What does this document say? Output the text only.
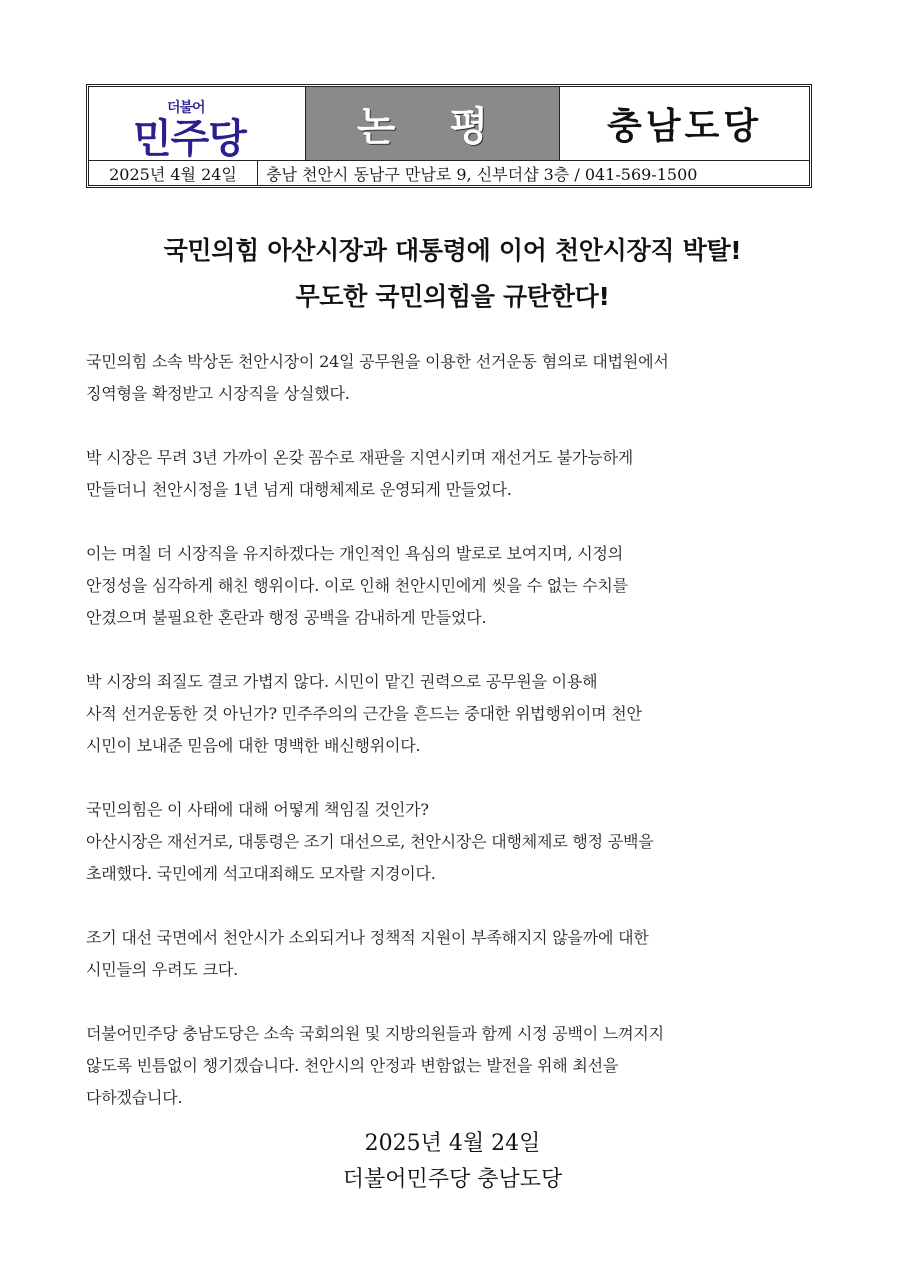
더불어
민주당	논 평	충남도당
2025년 4월 24일	충남 천안시 동남구 만남로 9, 신부더샵 3층 / 041-569-1500
국민의힘 아산시장과 대통령에 이어 천안시장직 박탈!
무도한 국민의힘을 규탄한다!

국민의힘 소속 박상돈 천안시장이 24일 공무원을 이용한 선거운동 혐의로 대법원에서
징역형을 확정받고 시장직을 상실했다.

박 시장은 무려 3년 가까이 온갖 꼼수로 재판을 지연시키며 재선거도 불가능하게
만들더니 천안시정을 1년 넘게 대행체제로 운영되게 만들었다.

이는 며칠 더 시장직을 유지하겠다는 개인적인 욕심의 발로로 보여지며, 시정의
안정성을 심각하게 해친 행위이다. 이로 인해 천안시민에게 씻을 수 없는 수치를
안겼으며 불필요한 혼란과 행정 공백을 감내하게 만들었다.

박 시장의 죄질도 결코 가볍지 않다. 시민이 맡긴 권력으로 공무원을 이용해
사적 선거운동한 것 아닌가? 민주주의의 근간을 흔드는 중대한 위법행위이며 천안
시민이 보내준 믿음에 대한 명백한 배신행위이다.

국민의힘은 이 사태에 대해 어떻게 책임질 것인가?
아산시장은 재선거로, 대통령은 조기 대선으로, 천안시장은 대행체제로 행정 공백을
초래했다. 국민에게 석고대죄해도 모자랄 지경이다.

조기 대선 국면에서 천안시가 소외되거나 정책적 지원이 부족해지지 않을까에 대한
시민들의 우려도 크다.

더불어민주당 충남도당은 소속 국회의원 및 지방의원들과 함께 시정 공백이 느껴지지
않도록 빈틈없이 챙기겠습니다. 천안시의 안정과 변함없는 발전을 위해 최선을
다하겠습니다.

2025년 4월 24일
더불어민주당 충남도당
